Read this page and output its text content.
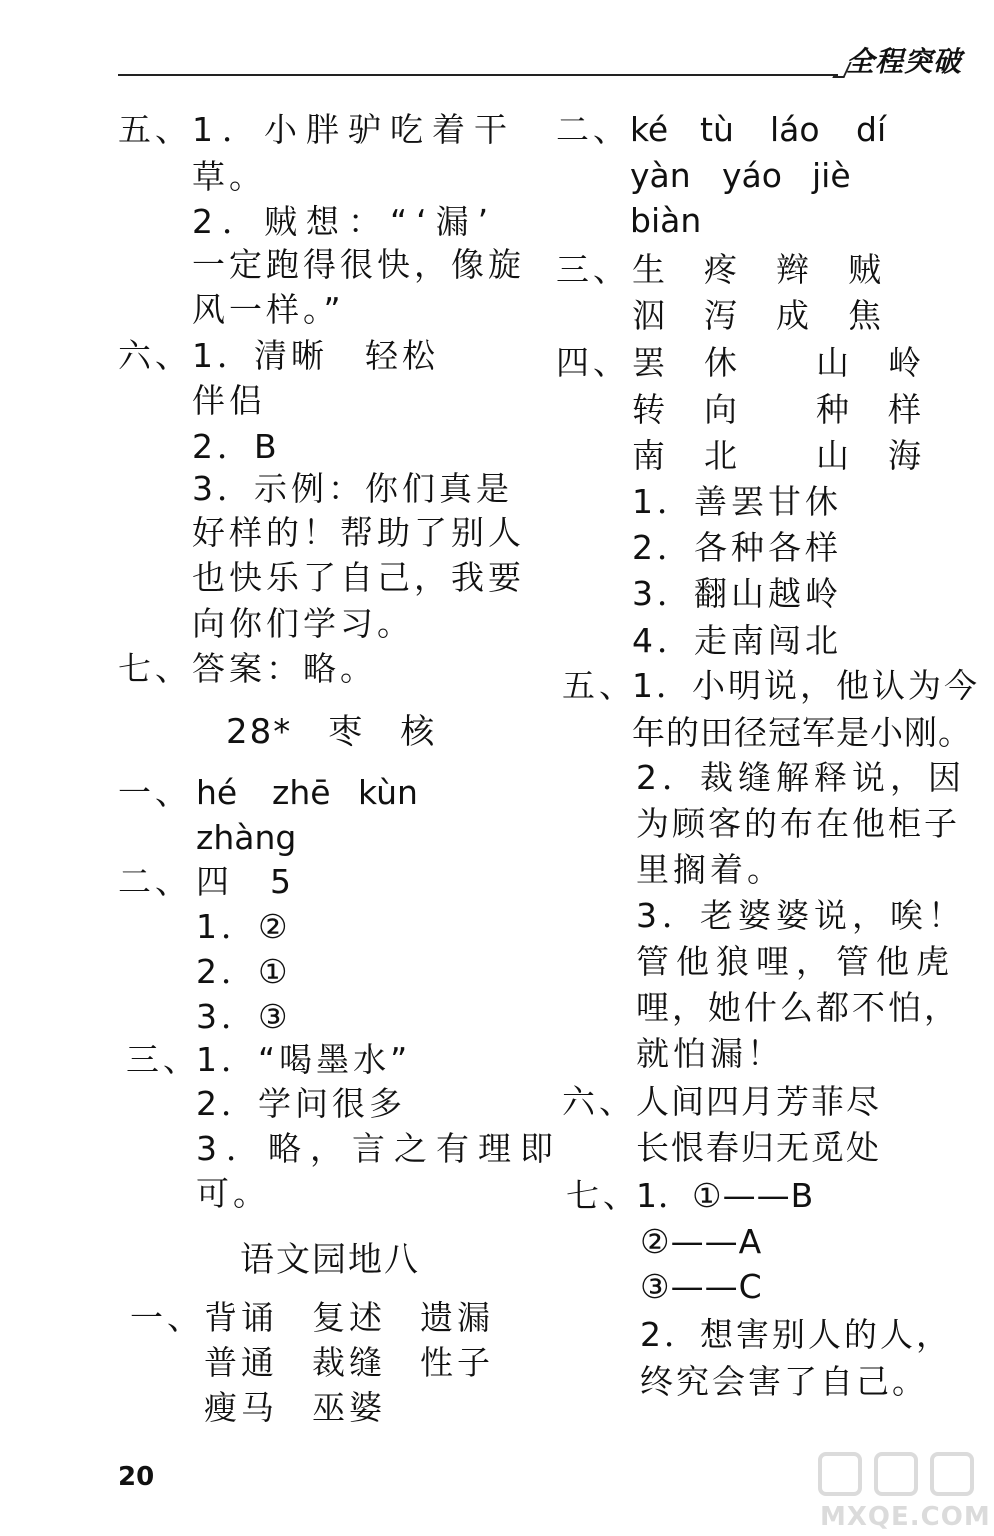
全程突破
五、 1．小胖驴吃着干
草。
2．贼想：“‘漏’
一定跑得很快，像旋
风一样。”
六、 1．清晰　轻松
伴侣
2．B
3．示例：你们真是
好样的！帮助了别人
也快乐了自己，我要
向你们学习。
七、 答案：略。
28*　枣　核
一、 hé zhē kùn
zhàng
二、 四　5
1．②
2．①
3．③
三、
1．“喝墨水”
2．学问很多
3．略，言之有理即
可。
语文园地八
一、 背诵 复述 遗漏
普通 裁缝 性子
瘦马 巫婆
二、 ké tù láo dí
yàn yáo jiè
biàn
三、 生 疼 辫 贼
泅 泻 成 焦
四、 罢 休 山 岭
转 向 种 样
南 北 山 海
1．善罢甘休
2．各种各样
3．翻山越岭
4．走南闯北
五、
1．小明说，他认为今
年的田径冠军是小刚。
2．裁缝解释说，因
为顾客的布在他柜子
里搁着。
3．老婆婆说，唉！
管他狼哩，管他虎
哩，她什么都不怕，
就怕漏！
六、 人间四月芳菲尽
长恨春归无觅处
七、
1．①——B
②——A
③——C
2．想害别人的人，
终究会害了自己。
20
MXQE.COM
